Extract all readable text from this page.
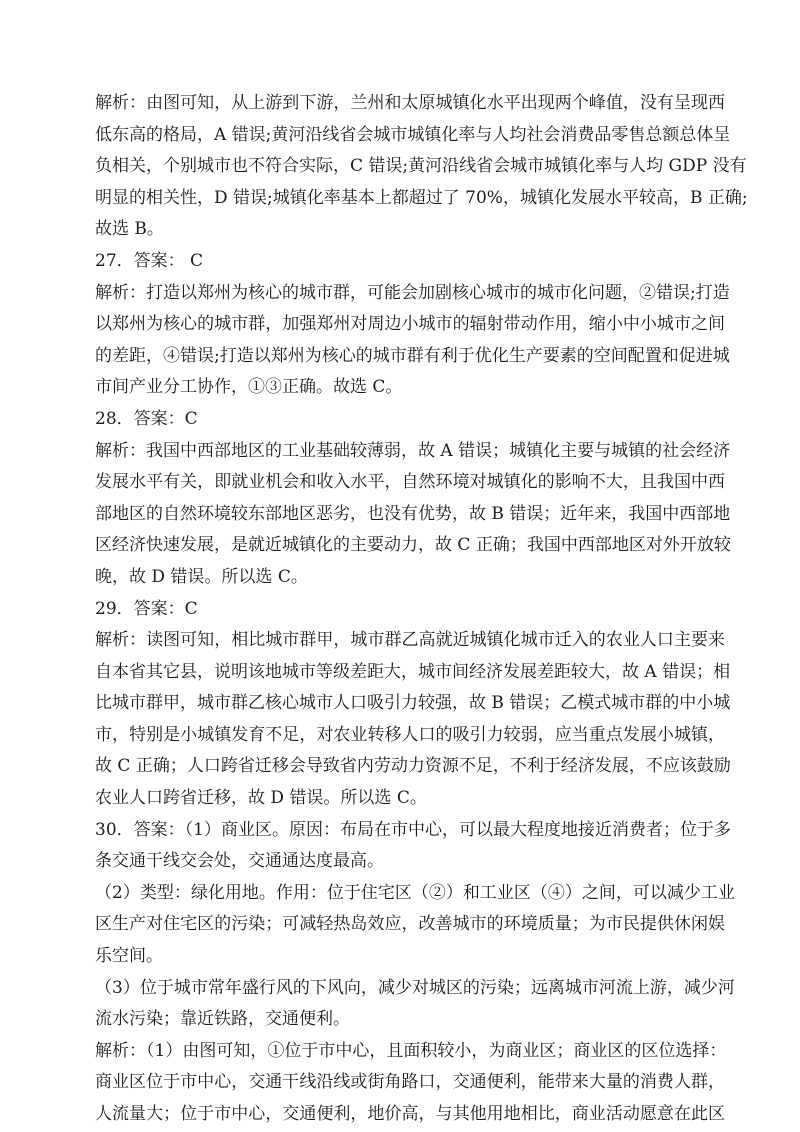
解析：由图可知，从上游到下游，兰州和太原城镇化水平出现两个峰值，没有呈现西
低东高的格局，A 错误;黄河沿线省会城市城镇化率与人均社会消费品零售总额总体呈
负相关，个别城市也不符合实际，C 错误;黄河沿线省会城市城镇化率与人均 GDP 没有
明显的相关性，D 错误;城镇化率基本上都超过了 70%，城镇化发展水平较高，B 正确;
故选 B。
27．答案： C
解析：打造以郑州为核心的城市群，可能会加剧核心城市的城市化问题，②错误;打造
以郑州为核心的城市群，加强郑州对周边小城市的辐射带动作用，缩小中小城市之间
的差距，④错误;打造以郑州为核心的城市群有利于优化生产要素的空间配置和促进城
市间产业分工协作，①③正确。故选 C。
28．答案：C
解析：我国中西部地区的工业基础较薄弱，故 A 错误；城镇化主要与城镇的社会经济
发展水平有关，即就业机会和收入水平，自然环境对城镇化的影响不大，且我国中西
部地区的自然环境较东部地区恶劣，也没有优势，故 B 错误；近年来，我国中西部地
区经济快速发展，是就近城镇化的主要动力，故 C 正确；我国中西部地区对外开放较
晚，故 D 错误。所以选 C。
29．答案：C
解析：读图可知，相比城市群甲，城市群乙高就近城镇化城市迁入的农业人口主要来
自本省其它县，说明该地城市等级差距大，城市间经济发展差距较大，故 A 错误；相
比城市群甲，城市群乙核心城市人口吸引力较强，故 B 错误；乙模式城市群的中小城
市，特别是小城镇发育不足，对农业转移人口的吸引力较弱，应当重点发展小城镇，
故 C 正确；人口跨省迁移会导致省内劳动力资源不足，不利于经济发展，不应该鼓励
农业人口跨省迁移，故 D 错误。所以选 C。
30．答案：（1）商业区。原因：布局在市中心，可以最大程度地接近消费者；位于多
条交通干线交会处，交通通达度最高。
（2）类型：绿化用地。作用：位于住宅区（②）和工业区（④）之间，可以减少工业
区生产对住宅区的污染；可减轻热岛效应，改善城市的环境质量；为市民提供休闲娱
乐空间。
（3）位于城市常年盛行风的下风向，减少对城区的污染；远离城市河流上游，减少河
流水污染；靠近铁路，交通便利。
解析：（1）由图可知，①位于市中心，且面积较小，为商业区；商业区的区位选择：
商业区位于市中心，交通干线沿线或街角路口，交通便利，能带来大量的消费人群，
人流量大；位于市中心，交通便利，地价高，与其他用地相比，商业活动愿意在此区
